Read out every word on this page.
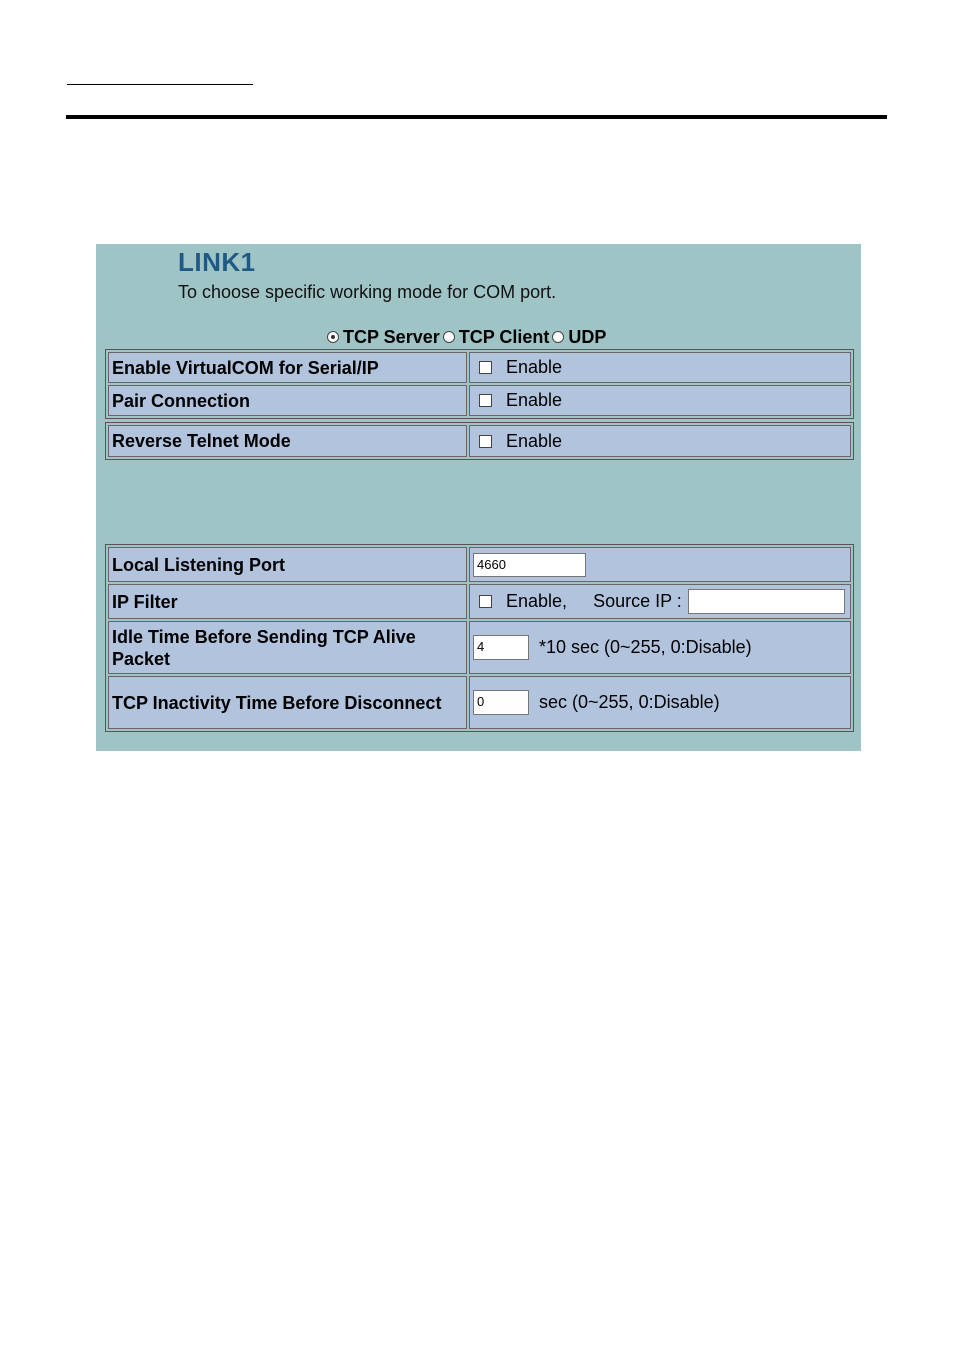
LINK1
To choose specific working mode for COM port.
TCP Server TCP Client UDP
Enable VirtualCOM for Serial/IP	Enable

Pair Connection	Enable
Reverse Telnet Mode	Enable
Local Listening Port	4660

IP Filter	Enable, Source IP :

Idle Time Before Sending TCP Alive Packet	4 *10 sec (0~255, 0:Disable)

TCP Inactivity Time Before Disconnect	0 sec (0~255, 0:Disable)
